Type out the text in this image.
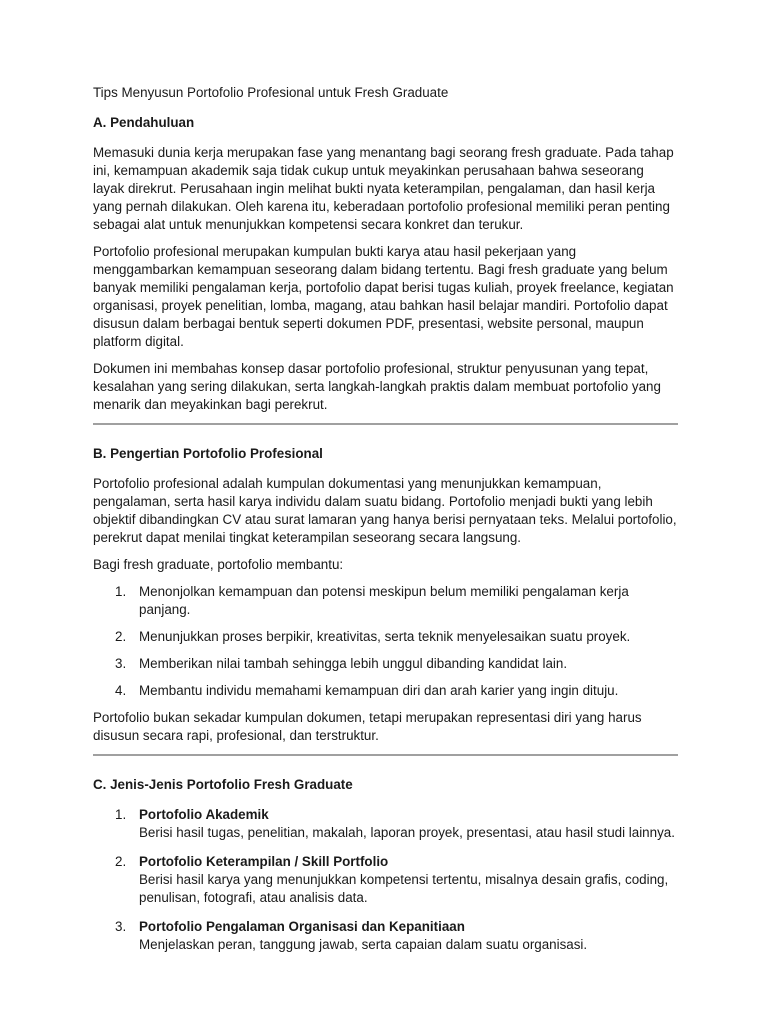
Tips Menyusun Portofolio Profesional untuk Fresh Graduate

A. Pendahuluan

Memasuki dunia kerja merupakan fase yang menantang bagi seorang fresh graduate. Pada tahap ini, kemampuan akademik saja tidak cukup untuk meyakinkan perusahaan bahwa seseorang layak direkrut. Perusahaan ingin melihat bukti nyata keterampilan, pengalaman, dan hasil kerja yang pernah dilakukan. Oleh karena itu, keberadaan portofolio profesional memiliki peran penting sebagai alat untuk menunjukkan kompetensi secara konkret dan terukur.

Portofolio profesional merupakan kumpulan bukti karya atau hasil pekerjaan yang menggambarkan kemampuan seseorang dalam bidang tertentu. Bagi fresh graduate yang belum banyak memiliki pengalaman kerja, portofolio dapat berisi tugas kuliah, proyek freelance, kegiatan organisasi, proyek penelitian, lomba, magang, atau bahkan hasil belajar mandiri. Portofolio dapat disusun dalam berbagai bentuk seperti dokumen PDF, presentasi, website personal, maupun platform digital.

Dokumen ini membahas konsep dasar portofolio profesional, struktur penyusunan yang tepat, kesalahan yang sering dilakukan, serta langkah-langkah praktis dalam membuat portofolio yang menarik dan meyakinkan bagi perekrut.

B. Pengertian Portofolio Profesional

Portofolio profesional adalah kumpulan dokumentasi yang menunjukkan kemampuan, pengalaman, serta hasil karya individu dalam suatu bidang. Portofolio menjadi bukti yang lebih objektif dibandingkan CV atau surat lamaran yang hanya berisi pernyataan teks. Melalui portofolio, perekrut dapat menilai tingkat keterampilan seseorang secara langsung.

Bagi fresh graduate, portofolio membantu:

1. Menonjolkan kemampuan dan potensi meskipun belum memiliki pengalaman kerja panjang.
2. Menunjukkan proses berpikir, kreativitas, serta teknik menyelesaikan suatu proyek.
3. Memberikan nilai tambah sehingga lebih unggul dibanding kandidat lain.
4. Membantu individu memahami kemampuan diri dan arah karier yang ingin dituju.

Portofolio bukan sekadar kumpulan dokumen, tetapi merupakan representasi diri yang harus disusun secara rapi, profesional, dan terstruktur.

C. Jenis-Jenis Portofolio Fresh Graduate
1. Portofolio Akademik
Berisi hasil tugas, penelitian, makalah, laporan proyek, presentasi, atau hasil studi lainnya.
2. Portofolio Keterampilan / Skill Portfolio
Berisi hasil karya yang menunjukkan kompetensi tertentu, misalnya desain grafis, coding, penulisan, fotografi, atau analisis data.
3. Portofolio Pengalaman Organisasi dan Kepanitiaan
Menjelaskan peran, tanggung jawab, serta capaian dalam suatu organisasi.
